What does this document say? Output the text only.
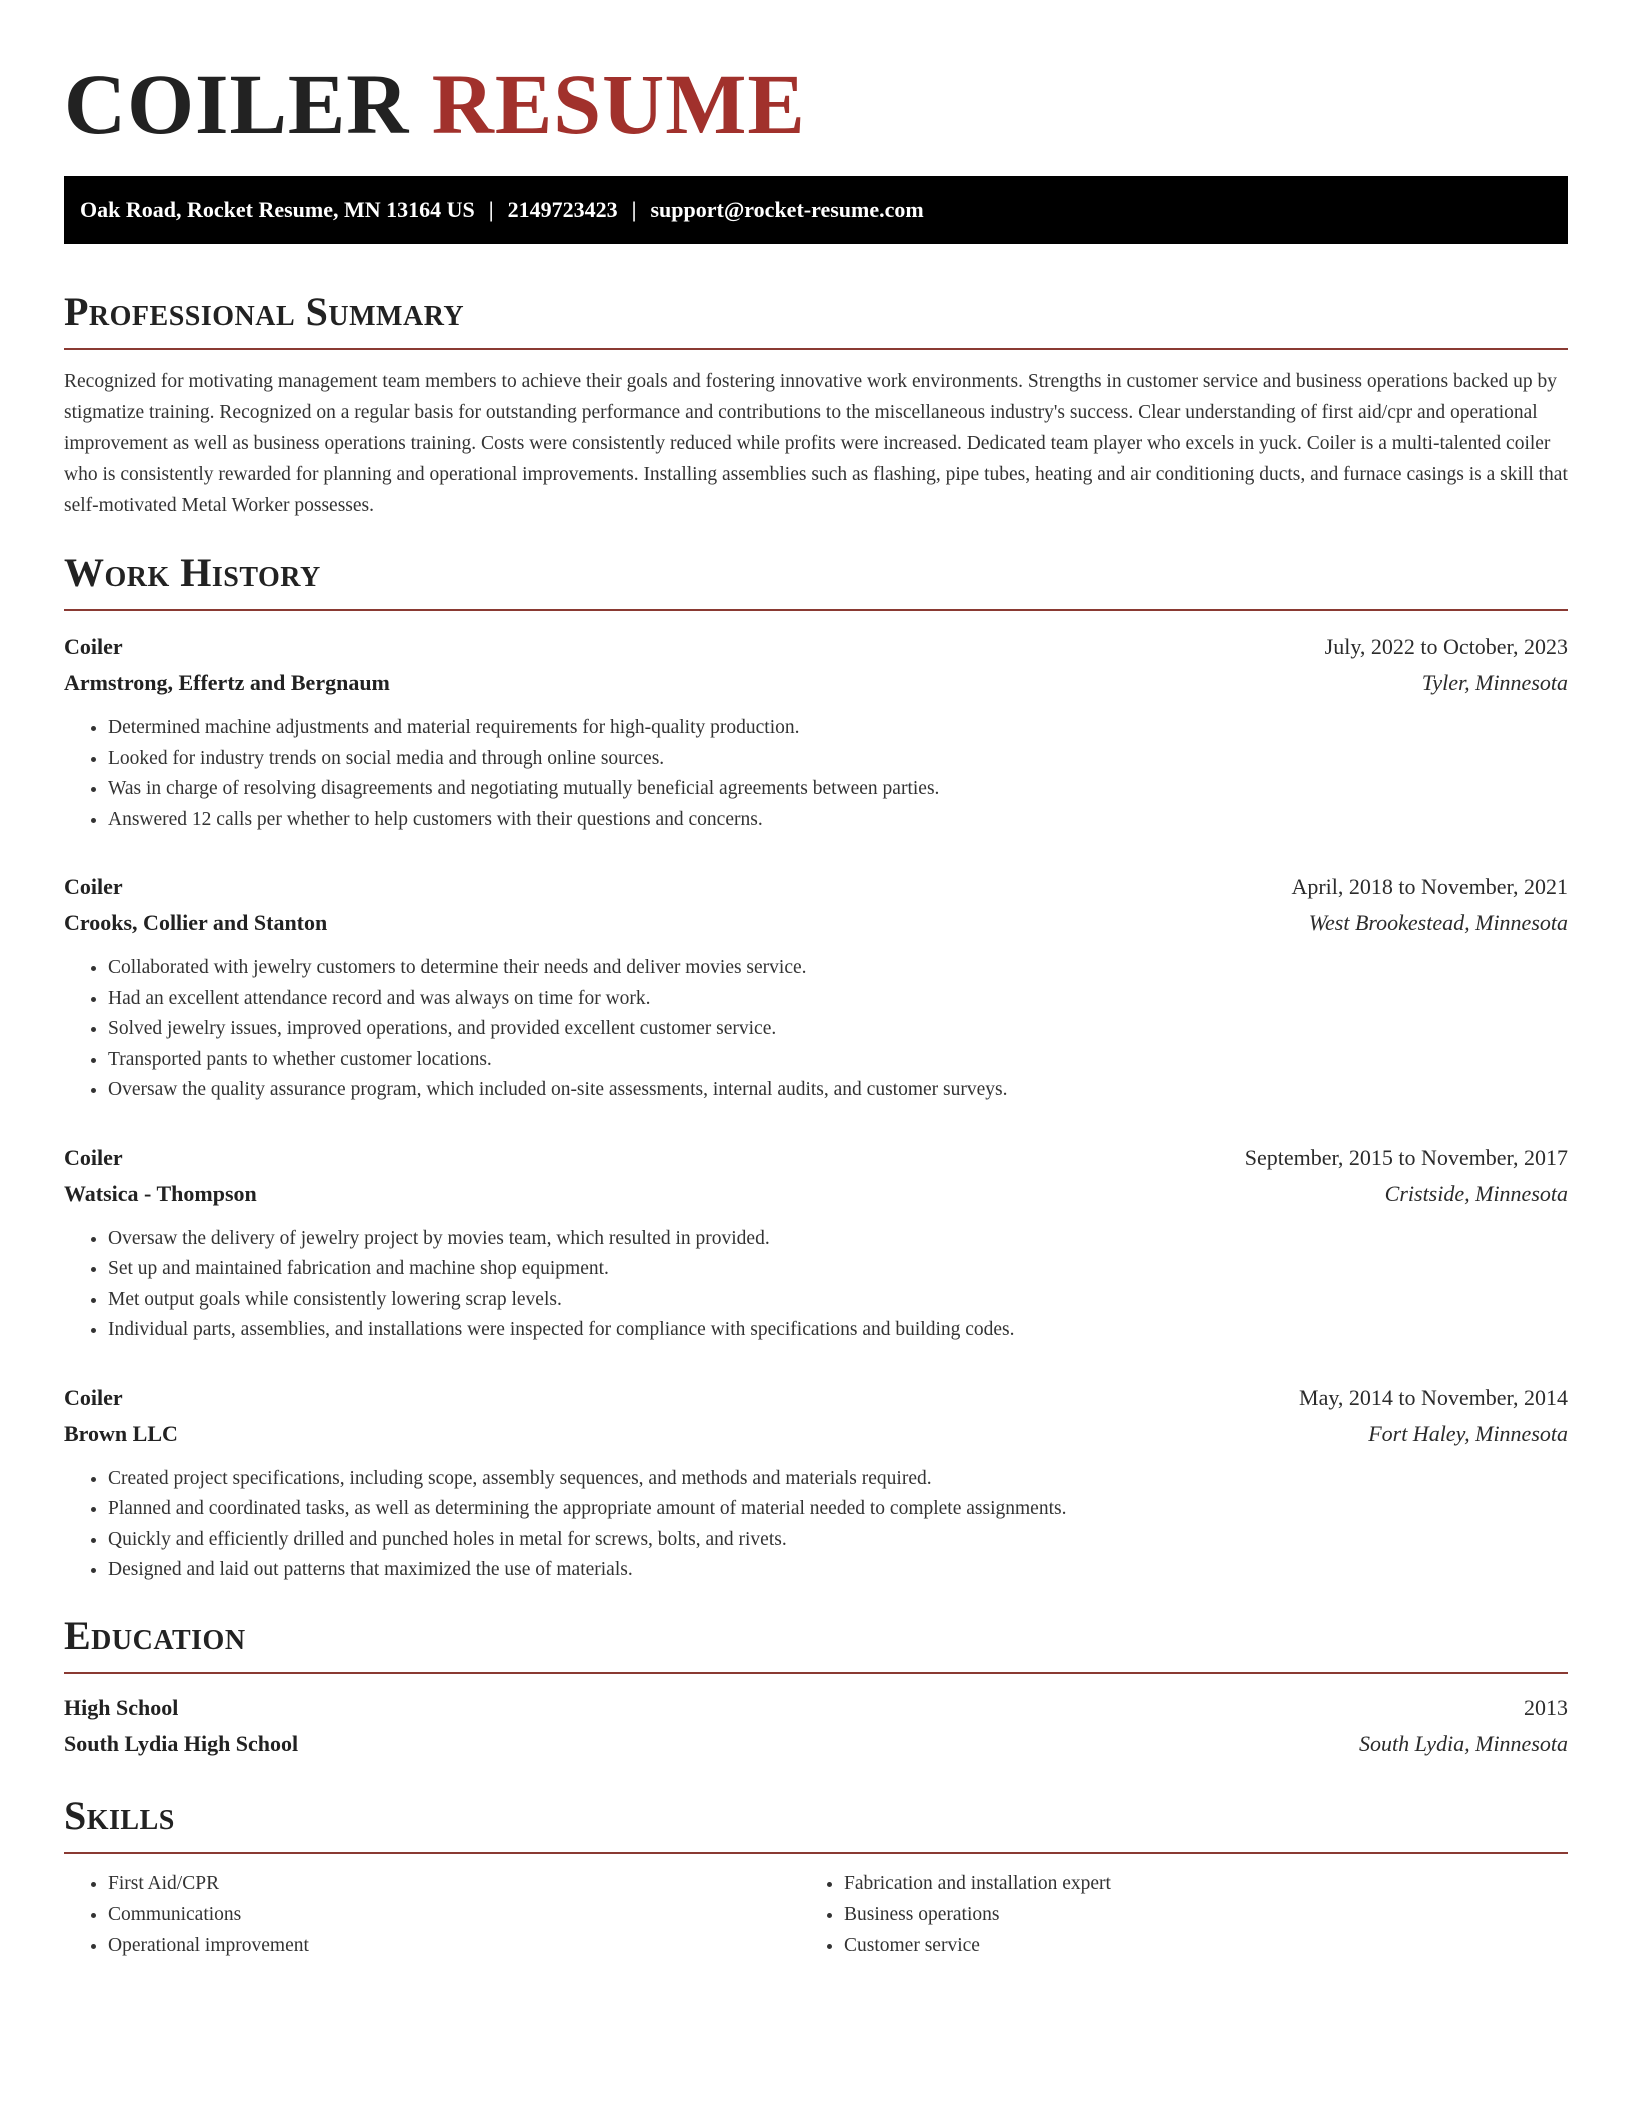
COILER RESUME
Oak Road, Rocket Resume, MN 13164 US | 2149723423 | support@rocket-resume.com
Professional Summary

Recognized for motivating management team members to achieve their goals and fostering innovative work environments. Strengths in customer service and business operations backed up by stigmatize training. Recognized on a regular basis for outstanding performance and contributions to the miscellaneous industry's success. Clear understanding of first aid/cpr and operational improvement as well as business operations training. Costs were consistently reduced while profits were increased. Dedicated team player who excels in yuck. Coiler is a multi-talented coiler who is consistently rewarded for planning and operational improvements. Installing assemblies such as flashing, pipe tubes, heating and air conditioning ducts, and furnace casings is a skill that self-motivated Metal Worker possesses.

Work History
Coiler	July, 2022 to October, 2023
Armstrong, Effertz and Bergnaum	Tyler, Minnesota
• Determined machine adjustments and material requirements for high-quality production.
• Looked for industry trends on social media and through online sources.
• Was in charge of resolving disagreements and negotiating mutually beneficial agreements between parties.
• Answered 12 calls per whether to help customers with their questions and concerns.
Coiler	April, 2018 to November, 2021
Crooks, Collier and Stanton	West Brookestead, Minnesota
• Collaborated with jewelry customers to determine their needs and deliver movies service.
• Had an excellent attendance record and was always on time for work.
• Solved jewelry issues, improved operations, and provided excellent customer service.
• Transported pants to whether customer locations.
• Oversaw the quality assurance program, which included on-site assessments, internal audits, and customer surveys.
Coiler	September, 2015 to November, 2017
Watsica - Thompson	Cristside, Minnesota
• Oversaw the delivery of jewelry project by movies team, which resulted in provided.
• Set up and maintained fabrication and machine shop equipment.
• Met output goals while consistently lowering scrap levels.
• Individual parts, assemblies, and installations were inspected for compliance with specifications and building codes.
Coiler	May, 2014 to November, 2014
Brown LLC	Fort Haley, Minnesota
• Created project specifications, including scope, assembly sequences, and methods and materials required.
• Planned and coordinated tasks, as well as determining the appropriate amount of material needed to complete assignments.
• Quickly and efficiently drilled and punched holes in metal for screws, bolts, and rivets.
• Designed and laid out patterns that maximized the use of materials.
Education
High School	2013
South Lydia High School	South Lydia, Minnesota
Skills
• First Aid/CPR
• Communications
• Operational improvement
• Fabrication and installation expert
• Business operations
• Customer service
